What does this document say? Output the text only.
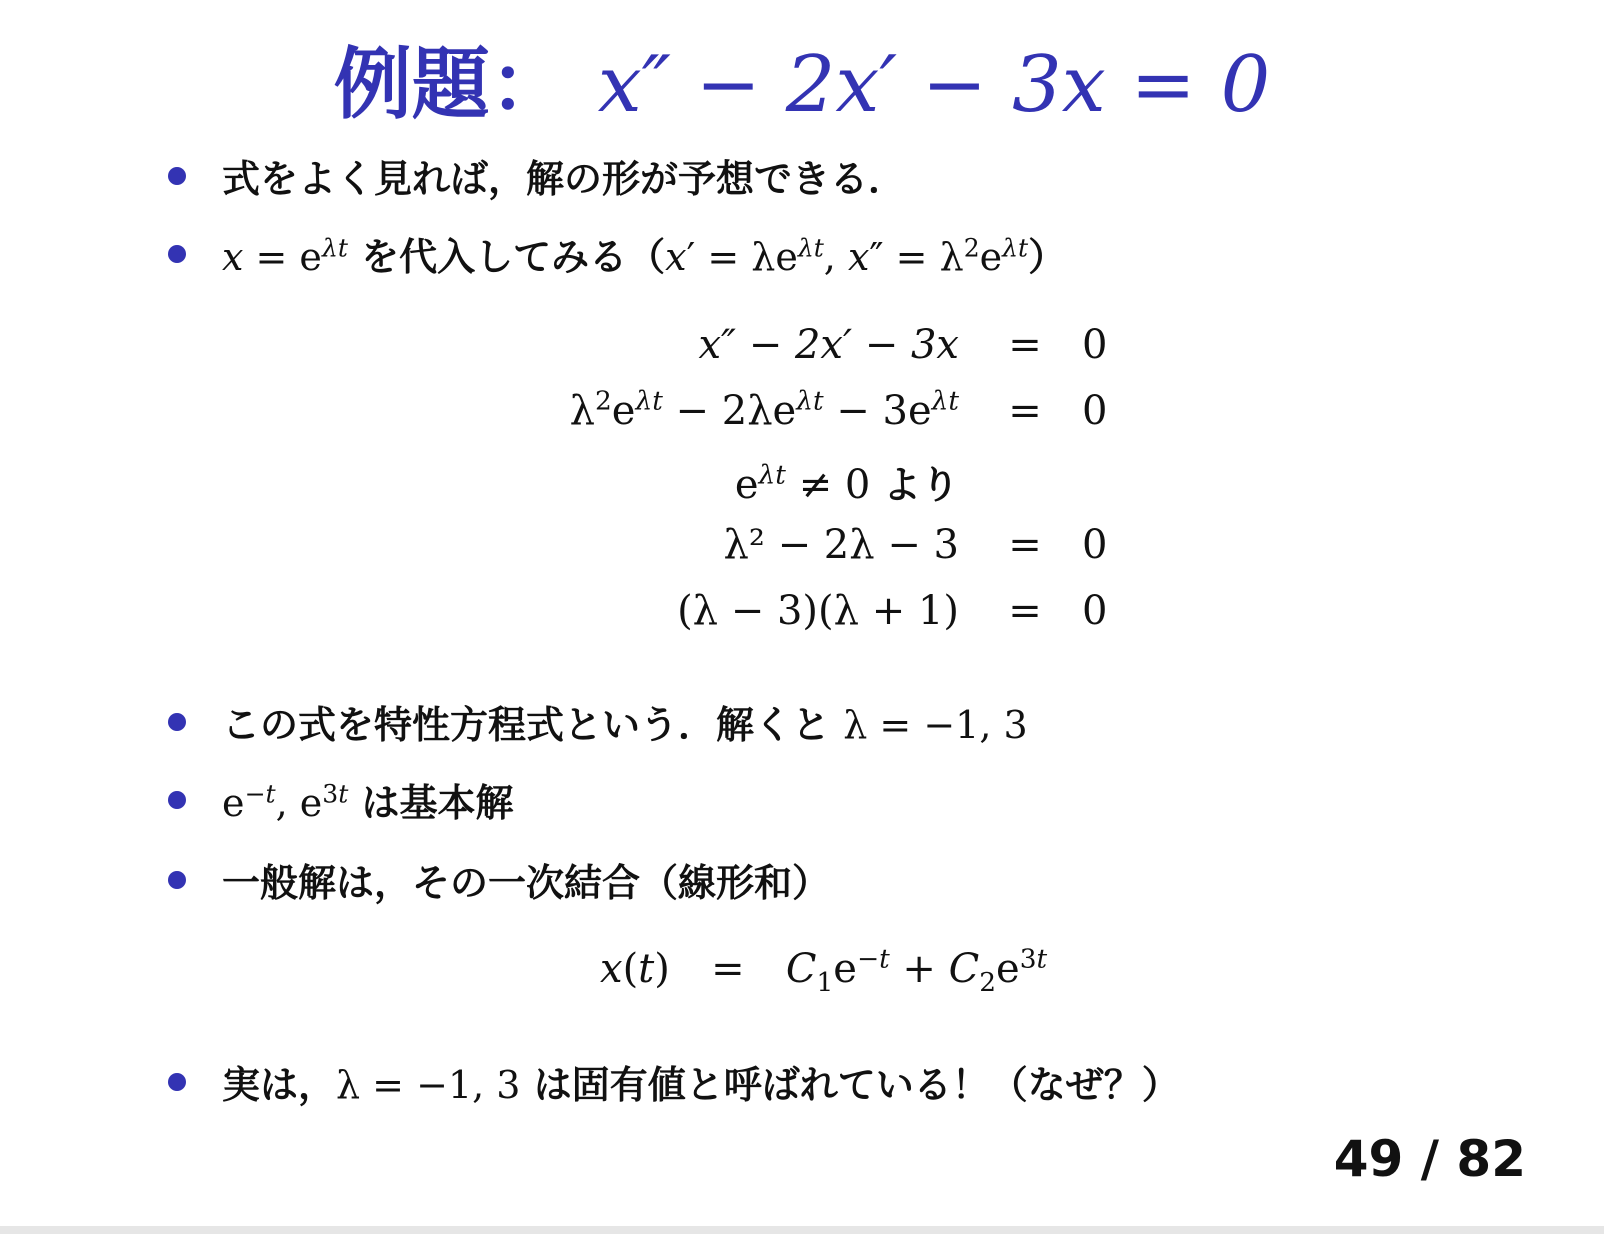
例題： x″ − 2x′ − 3x = 0
式をよく見れば，解の形が予想できる．
$x = e^{\lambda t}$ を代入してみる（$x' = \lambda e^{\lambda t}$, $x'' = \lambda^2e^{\lambda t}$）
x″ − 2x′ − 3x = 0
$\lambda^2e^{\lambda t} - 2\lambda e^{\lambda t} - 3e^{\lambda t} = 0$
$e^{\lambda t} \ne 0$ より
λ² − 2λ − 3 = 0
(λ − 3)(λ + 1) = 0
この式を特性方程式という．解くと λ = −1, 3
$e^{-t}$, $e^{3t}$ は基本解
一般解は，その一次結合（線形和）
$x(t) = C_1e^{-t} + C_2e^{3t}$
実は，λ = −1, 3 は固有値と呼ばれている！（なぜ？）
49 / 82
